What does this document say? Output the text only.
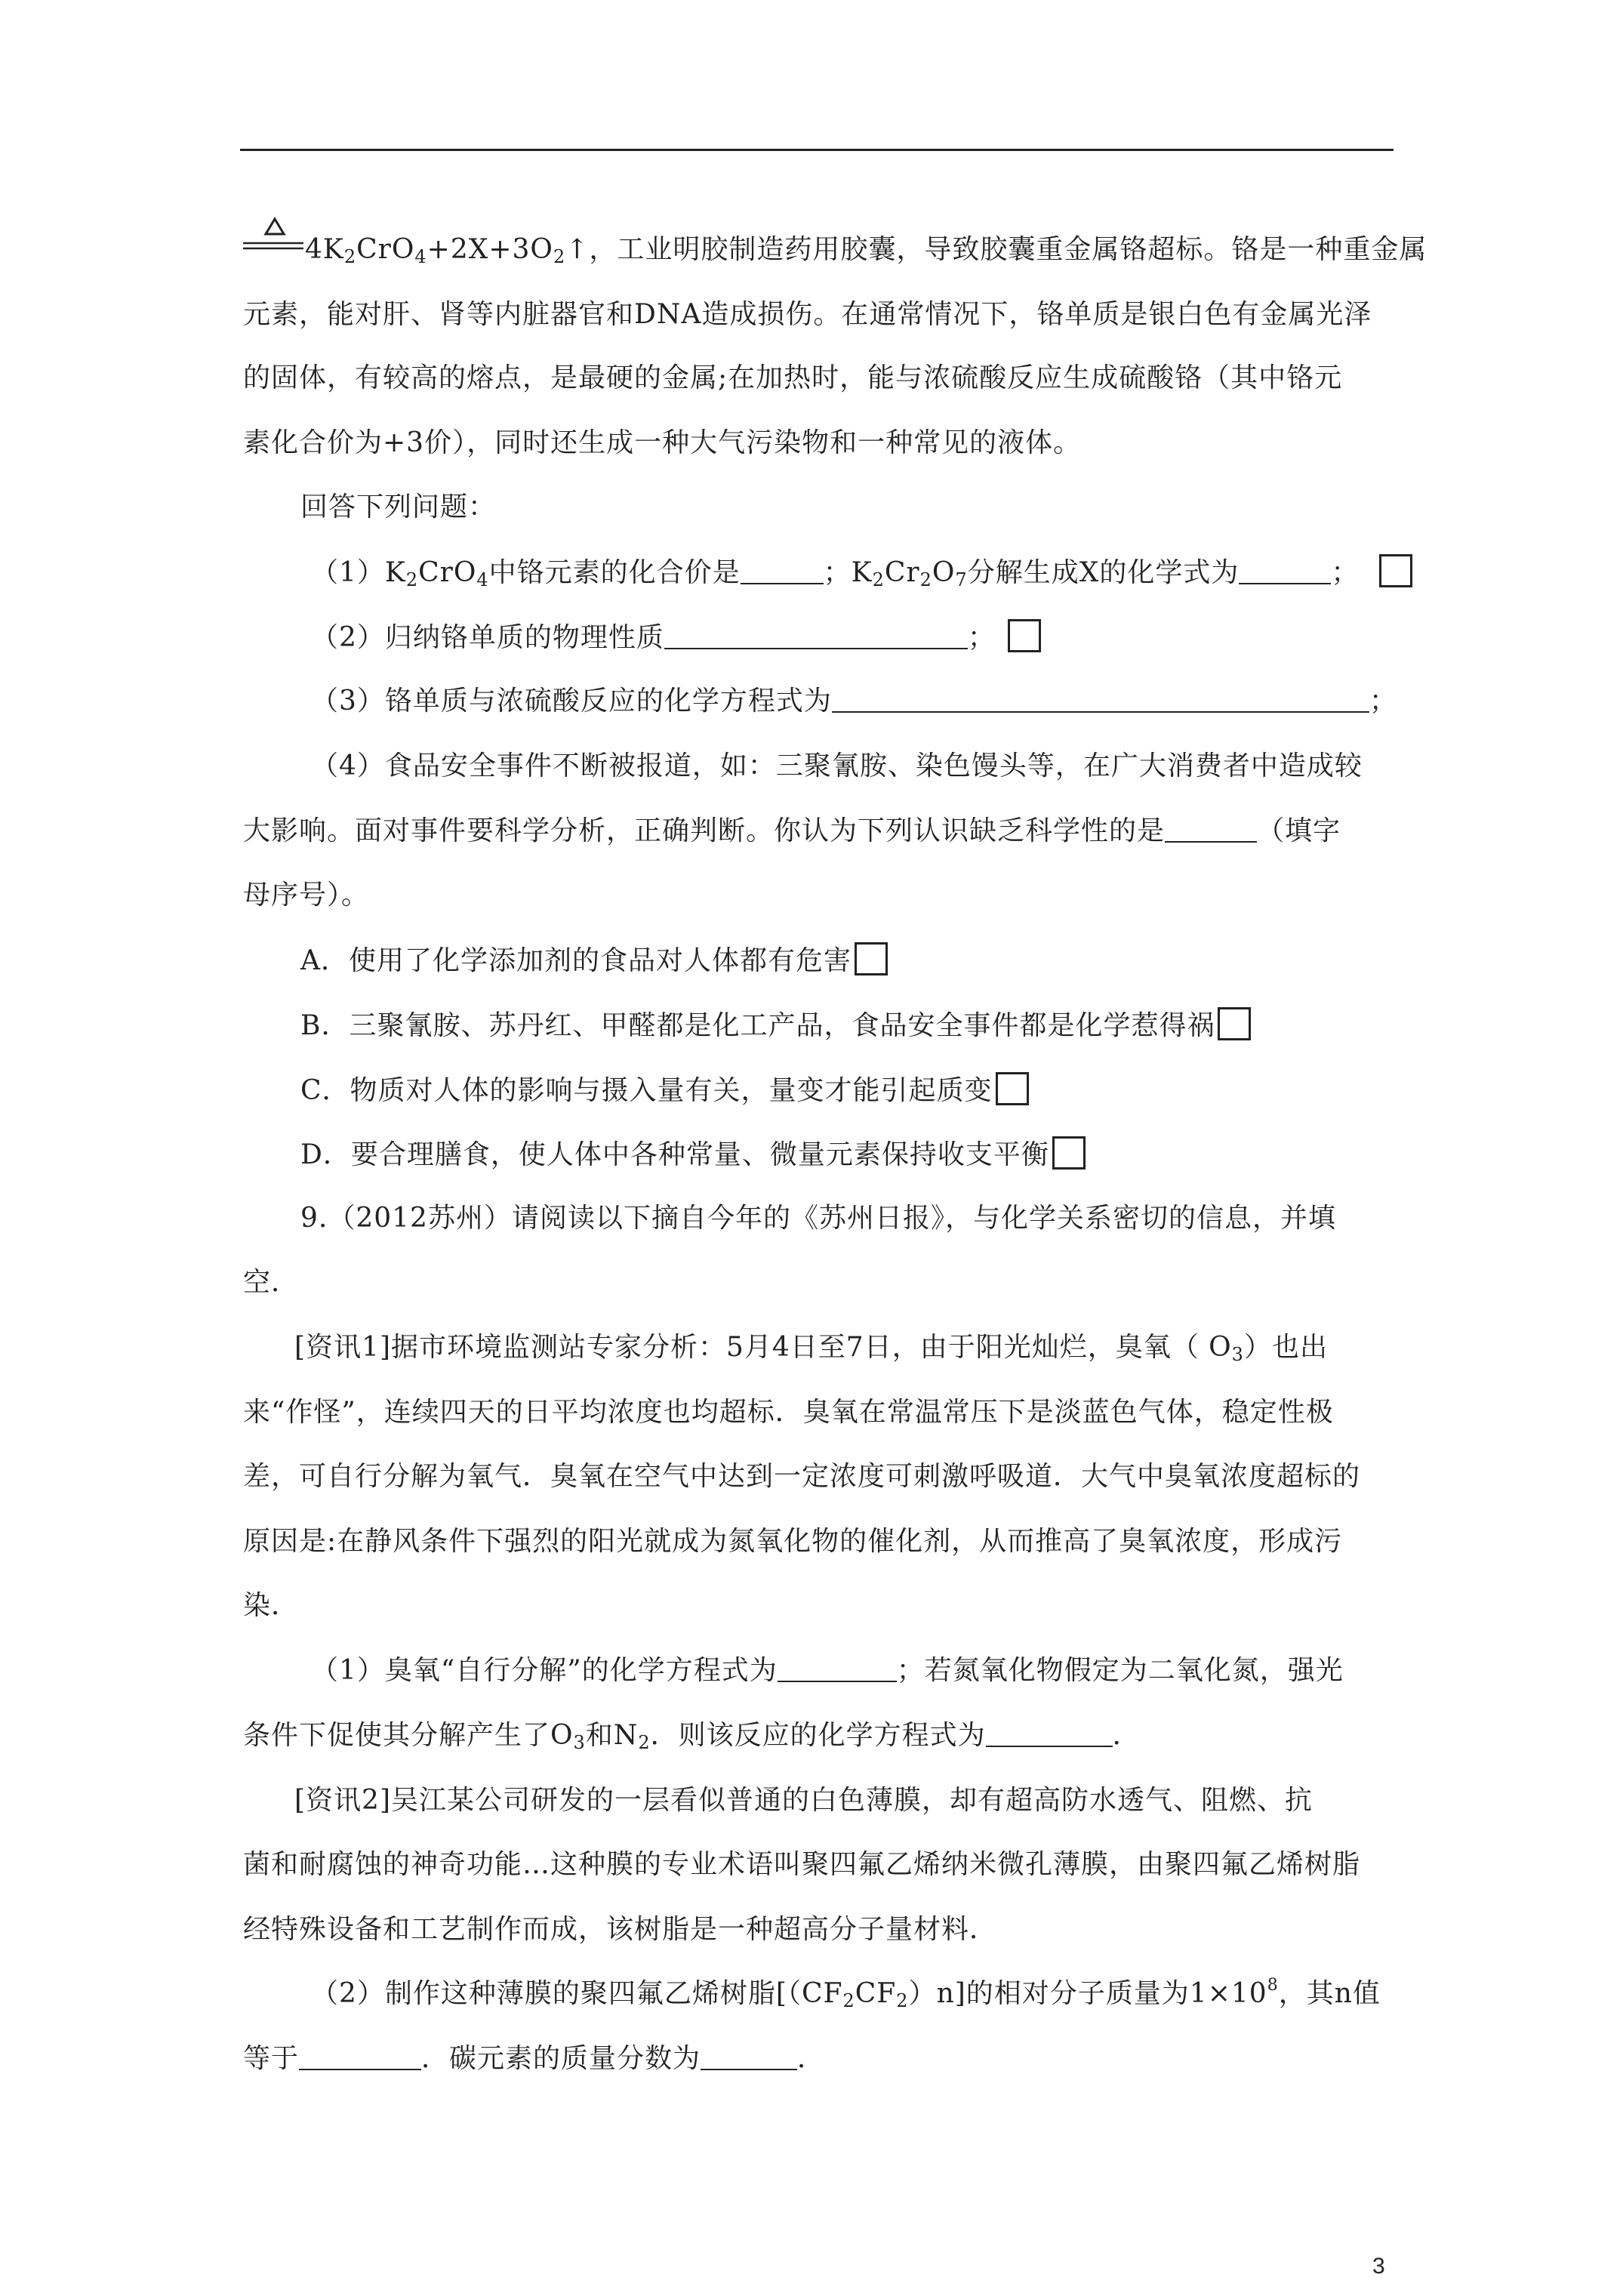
$4K_2CrO_4+2X+3O_2↑$，工业明胶制造药用胶囊，导致胶囊重金属铬超标。铬是一种重金属
元素，能对肝、肾等内脏器官和DNA造成损伤。在通常情况下，铬单质是银白色有金属光泽
的固体，有较高的熔点，是最硬的金属;在加热时，能与浓硫酸反应生成硫酸铬（其中铬元
素化合价为+3价），同时还生成一种大气污染物和一种常见的液体。
回答下列问题：
$(1)K_2CrO_4$中铬元素的化合价是	；$K_2Cr_2O_7$分解生成X的化学式为	；
（2）归纳铬单质的物理性质	；
（3）铬单质与浓硫酸反应的化学方程式为	；
（4）食品安全事件不断被报道，如：三聚氰胺、染色馒头等，在广大消费者中造成较
大影响。面对事件要科学分析，正确判断。你认为下列认识缺乏科学性的是	（填字
母序号）。
A．使用了化学添加剂的食品对人体都有危害
B．三聚氰胺、苏丹红、甲醛都是化工产品，食品安全事件都是化学惹得祸
C．物质对人体的影响与摄入量有关，量变才能引起质变
D．要合理膳食，使人体中各种常量、微量元素保持收支平衡
9.（2012苏州）请阅读以下摘自今年的《苏州日报》，与化学关系密切的信息，并填
空．
[资讯1]据市环境监测站专家分析：5月4日至7日，由于阳光灿烂，臭氧（ $O_3$）也出
来“作怪”，连续四天的日平均浓度也均超标．臭氧在常温常压下是淡蓝色气体，稳定性极
差，可自行分解为氧气．臭氧在空气中达到一定浓度可刺激呼吸道．大气中臭氧浓度超标的
原因是:在静风条件下强烈的阳光就成为氮氧化物的催化剂，从而推高了臭氧浓度，形成污
染．
（1）臭氧“自行分解”的化学方程式为	；若氮氧化物假定为二氧化氮，强光
条件下促使其分解产生了$O_3$和$N_2$．则该反应的化学方程式为	．
[资讯2]吴江某公司研发的一层看似普通的白色薄膜，却有超高防水透气、阻燃、抗
菌和耐腐蚀的神奇功能…这种膜的专业术语叫聚四氟乙烯纳米微孔薄膜，由聚四氟乙烯树脂
经特殊设备和工艺制作而成，该树脂是一种超高分子量材料．
（2）制作这种薄膜的聚四氟乙烯树脂$[(CF_2CF_2)n]$的相对分子质量为$1\times 10^8$，其n值
等于	．碳元素的质量分数为	．
3
